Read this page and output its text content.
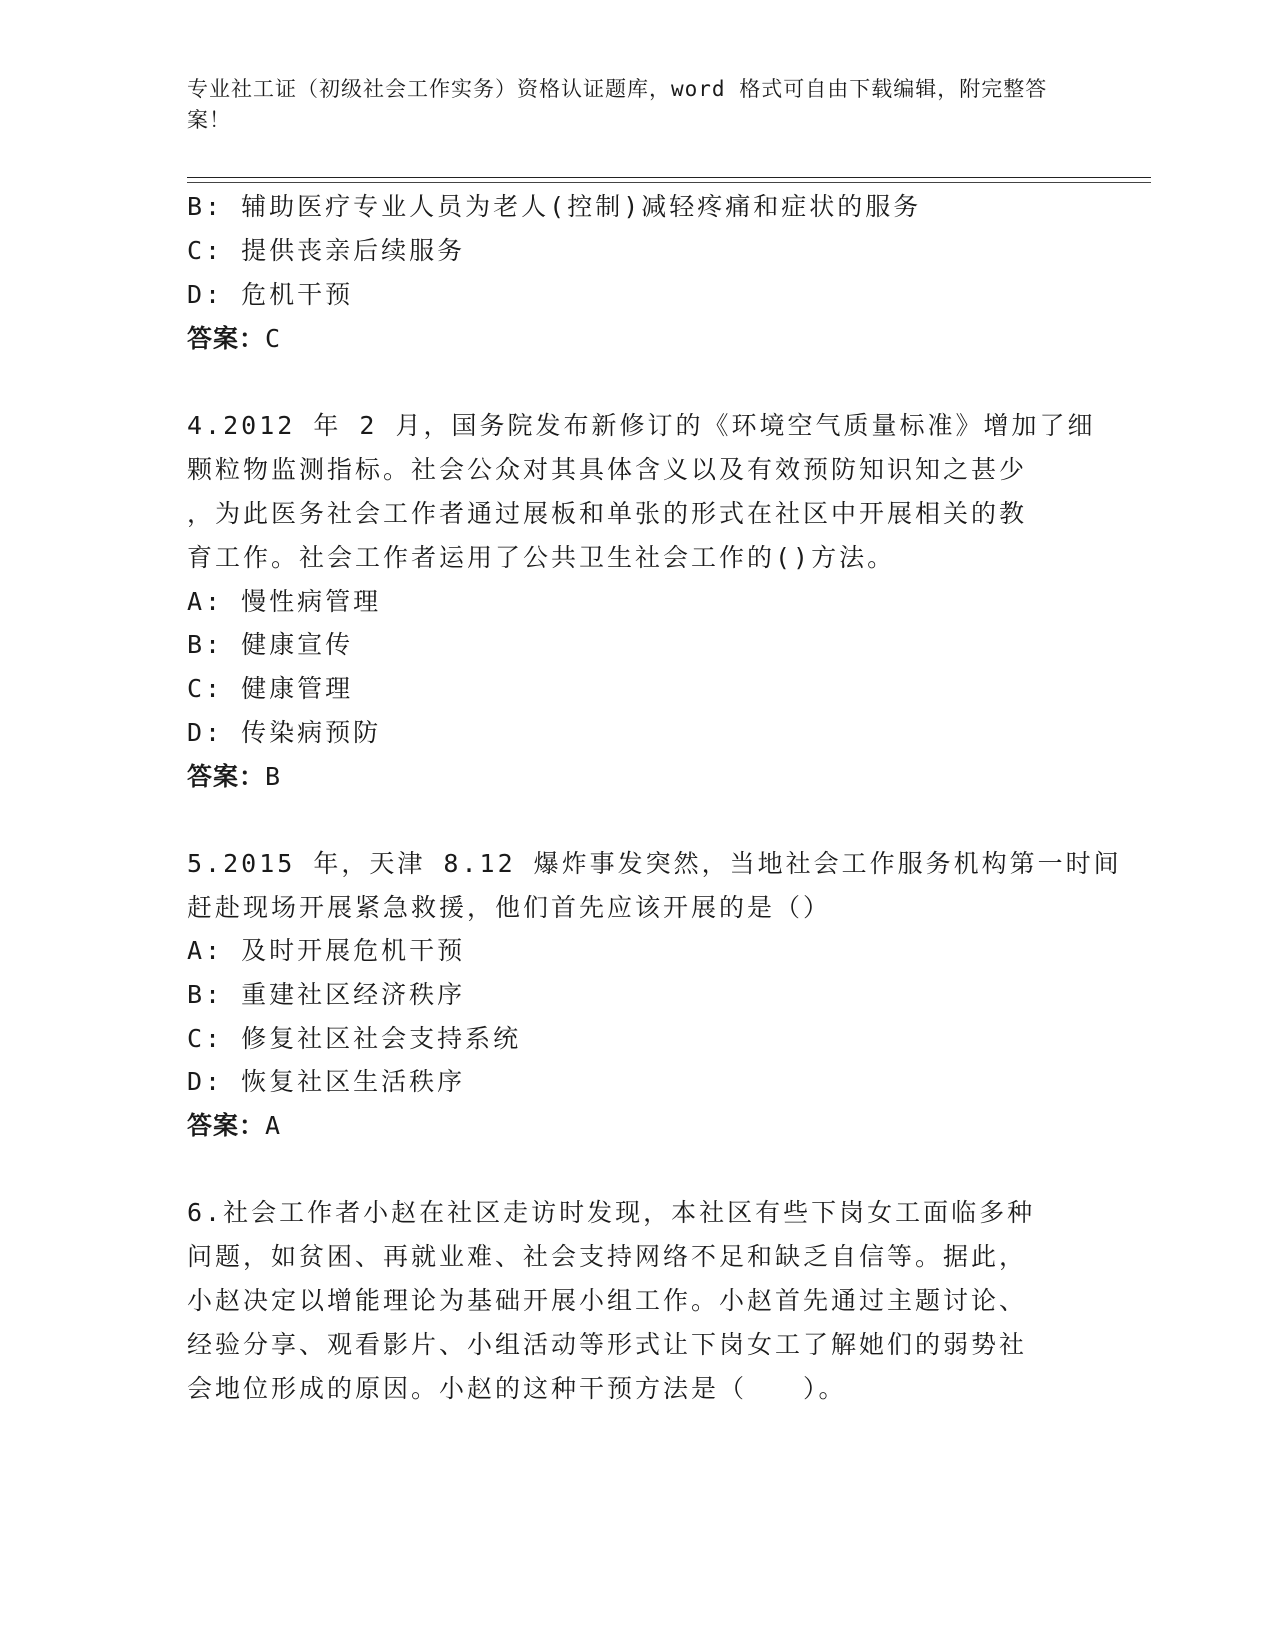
专业社工证（初级社会工作实务）资格认证题库，word 格式可自由下载编辑，附完整答案！
B: 辅助医疗专业人员为老人(控制)减轻疼痛和症状的服务
C: 提供丧亲后续服务
D: 危机干预
答案：C
4.2012 年 2 月，国务院发布新修订的《环境空气质量标准》增加了细
颗粒物监测指标。社会公众对其具体含义以及有效预防知识知之甚少
，为此医务社会工作者通过展板和单张的形式在社区中开展相关的教
育工作。社会工作者运用了公共卫生社会工作的()方法。
A: 慢性病管理
B: 健康宣传
C: 健康管理
D: 传染病预防
答案：B
5.2015 年，天津 8.12 爆炸事发突然，当地社会工作服务机构第一时间
赶赴现场开展紧急救援，他们首先应该开展的是（）
A: 及时开展危机干预
B: 重建社区经济秩序
C: 修复社区社会支持系统
D: 恢复社区生活秩序
答案：A
6.社会工作者小赵在社区走访时发现，本社区有些下岗女工面临多种
问题，如贫困、再就业难、社会支持网络不足和缺乏自信等。据此，
小赵决定以增能理论为基础开展小组工作。小赵首先通过主题讨论、
经验分享、观看影片、小组活动等形式让下岗女工了解她们的弱势社
会地位形成的原因。小赵的这种干预方法是（　　）。
